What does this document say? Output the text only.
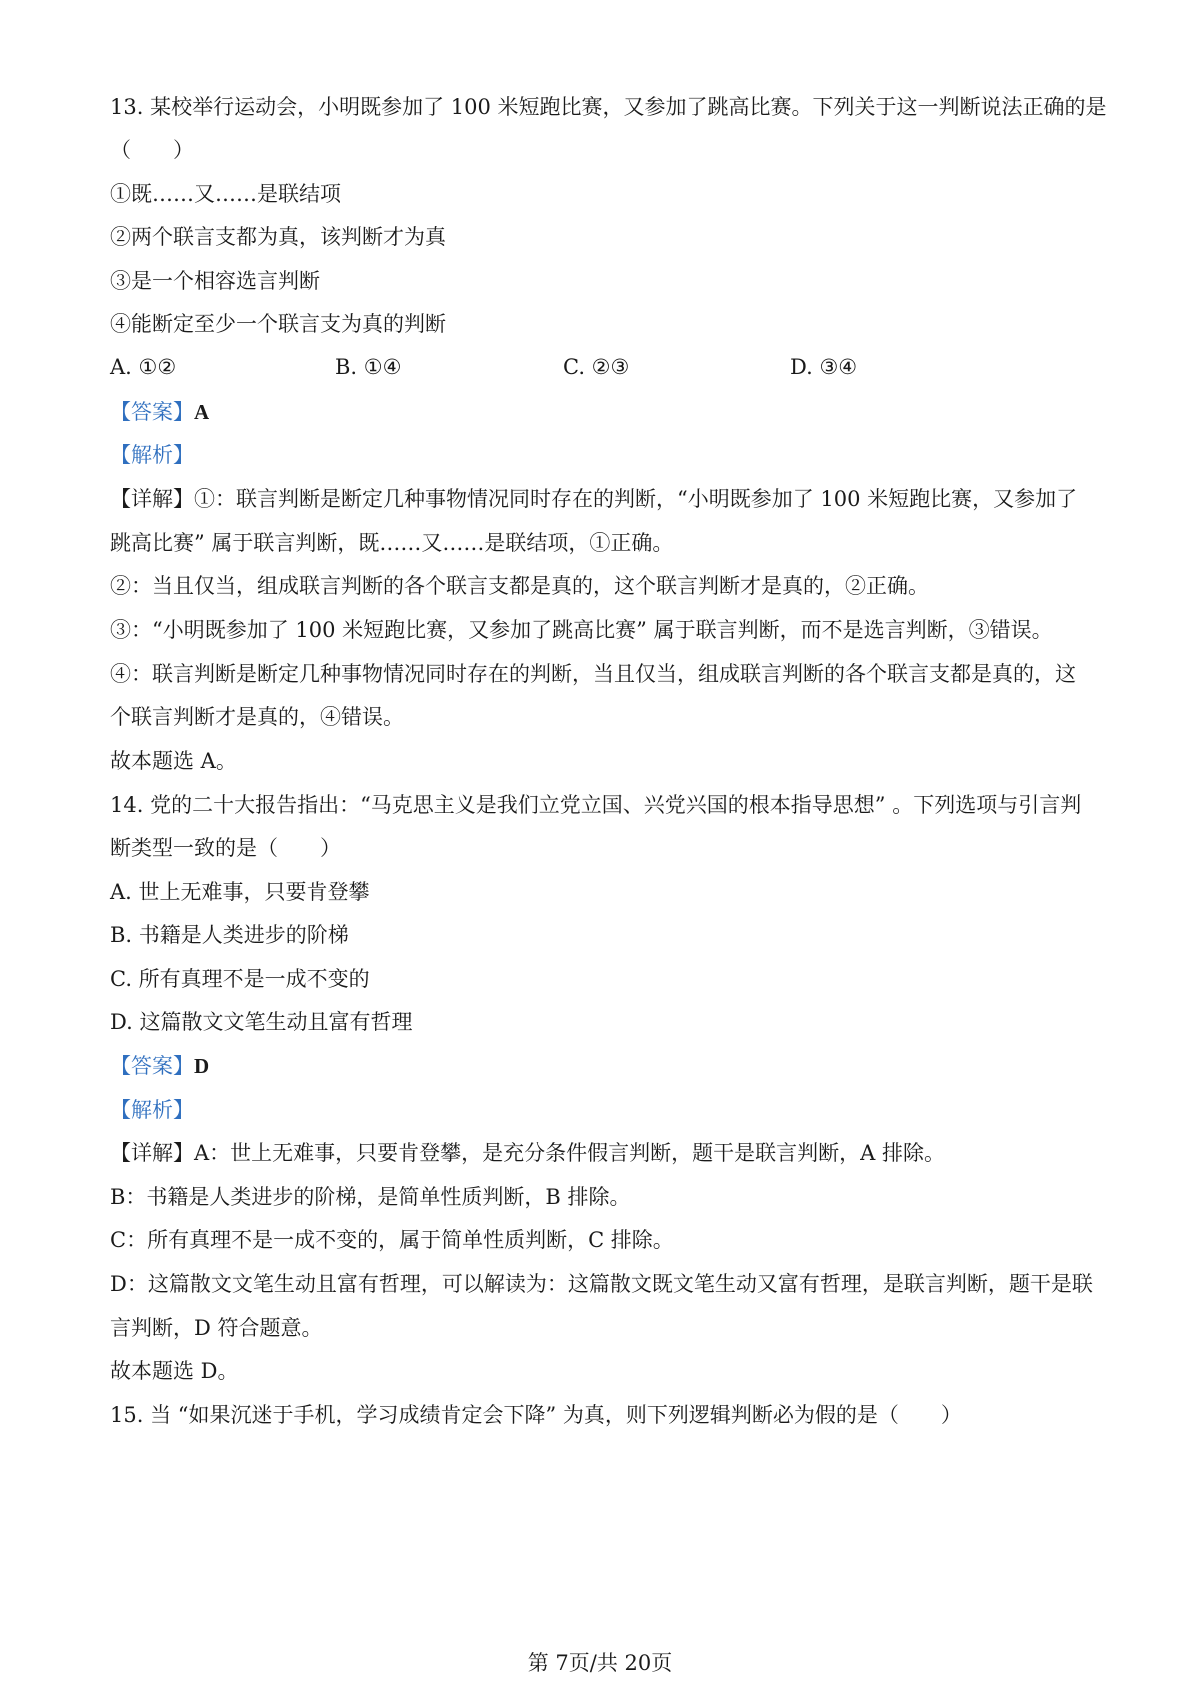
13. 某校举行运动会，小明既参加了 100 米短跑比赛，又参加了跳高比赛。下列关于这一判断说法正确的是
（　　）
①既……又……是联结项
②两个联言支都为真，该判断才为真
③是一个相容选言判断
④能断定至少一个联言支为真的判断
A. ①②	B. ①④	C. ②③	D. ③④
【答案】A
【解析】
【详解】①：联言判断是断定几种事物情况同时存在的判断，“小明既参加了 100 米短跑比赛，又参加了
跳高比赛” 属于联言判断，既……又……是联结项，①正确。
②：当且仅当，组成联言判断的各个联言支都是真的，这个联言判断才是真的，②正确。
③：“小明既参加了 100 米短跑比赛，又参加了跳高比赛” 属于联言判断，而不是选言判断，③错误。
④：联言判断是断定几种事物情况同时存在的判断，当且仅当，组成联言判断的各个联言支都是真的，这
个联言判断才是真的，④错误。
故本题选 A。
14. 党的二十大报告指出：“马克思主义是我们立党立国、兴党兴国的根本指导思想” 。下列选项与引言判
断类型一致的是（　　）
A. 世上无难事，只要肯登攀
B. 书籍是人类进步的阶梯
C. 所有真理不是一成不变的
D. 这篇散文文笔生动且富有哲理
【答案】D
【解析】
【详解】A：世上无难事，只要肯登攀，是充分条件假言判断，题干是联言判断，A 排除。
B：书籍是人类进步的阶梯，是简单性质判断，B 排除。
C：所有真理不是一成不变的，属于简单性质判断，C 排除。
D：这篇散文文笔生动且富有哲理，可以解读为：这篇散文既文笔生动又富有哲理，是联言判断，题干是联
言判断，D 符合题意。
故本题选 D。
15. 当 “如果沉迷于手机，学习成绩肯定会下降” 为真，则下列逻辑判断必为假的是（　　）
第 7页/共 20页
